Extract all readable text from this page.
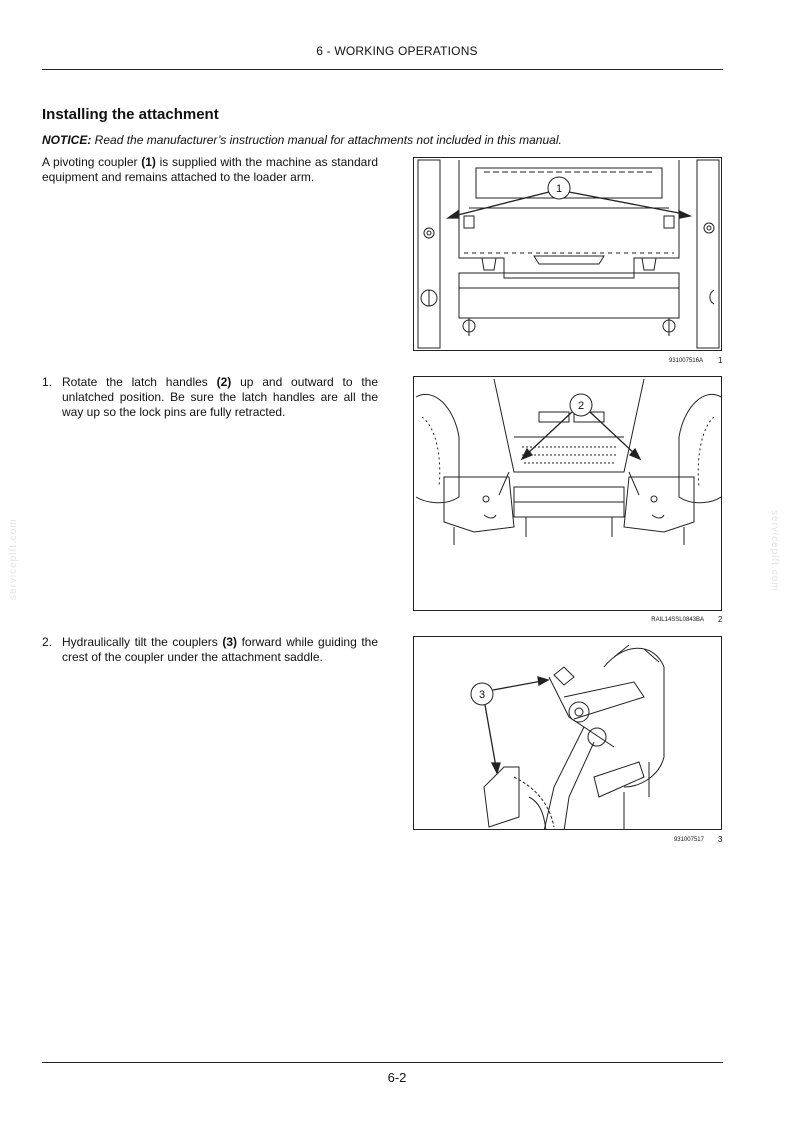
6 - WORKING OPERATIONS
Installing the attachment
NOTICE: Read the manufacturer’s instruction manual for attachments not included in this manual.
A pivoting coupler (1) is supplied with the machine as standard equipment and remains attached to the loader arm.
1
931007516A 1
1. Rotate the latch handles (2) up and outward to the unlatched position. Be sure the latch handles are all the way up so the lock pins are fully retracted.	2
RAIL14SSL0843BA 2
2. Hydraulically tilt the couplers (3) forward while guiding the crest of the coupler under the attachment saddle.
3
931007517 3
serviceplft.com	serviceplft.com
6-2
